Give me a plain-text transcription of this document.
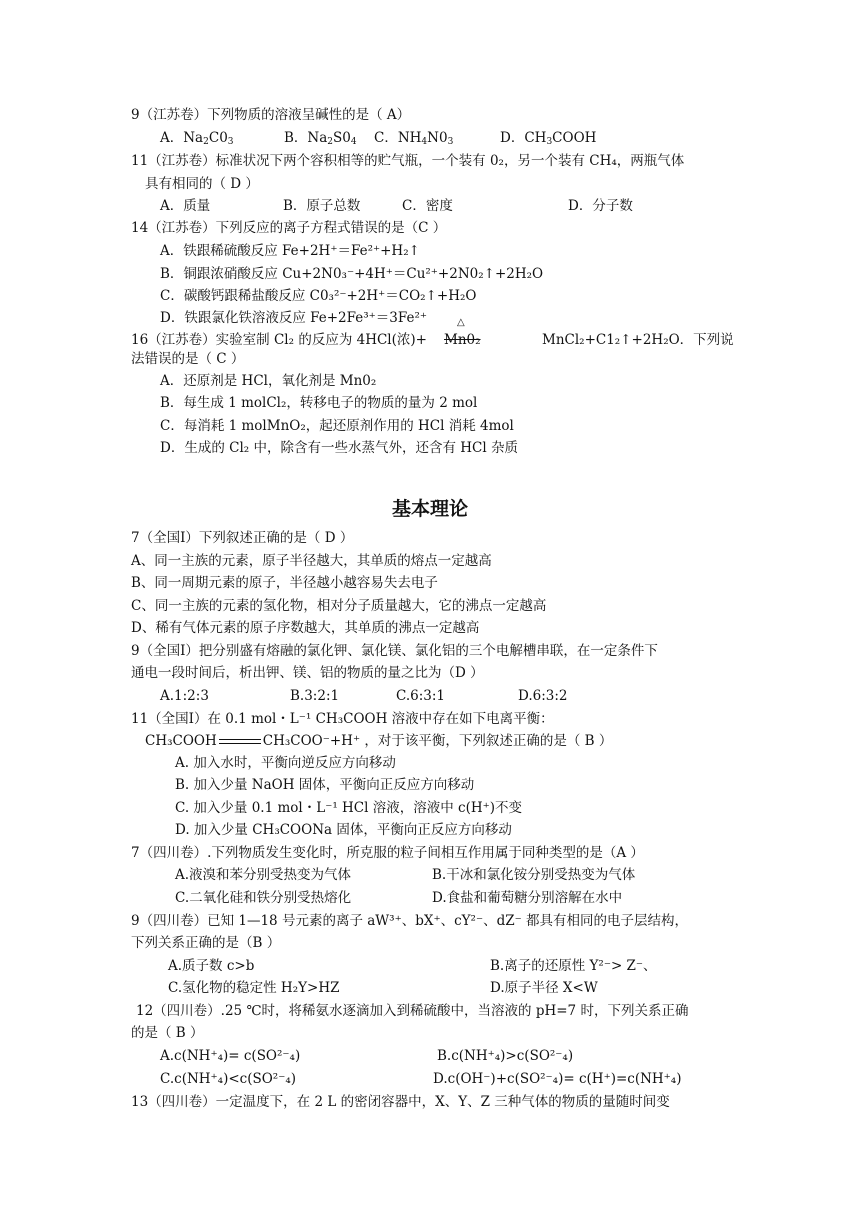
9（江苏卷）下列物质的溶液呈碱性的是（ A）
A．$Na_2C0_3$	B．$Na_2S0_4$ C．$NH_4N0_3$	D．$CH_3COOH$
11（江苏卷）标准状况下两个容积相等的贮气瓶，一个装有 0₂，另一个装有 CH₄，两瓶气体
具有相同的（ D ）
A．质量	B．原子总数	C．密度	D．分子数
14（江苏卷）下列反应的离子方程式错误的是（C ）
A．铁跟稀硫酸反应 Fe+2H⁺＝Fe²⁺+H₂↑
B．铜跟浓硝酸反应 Cu+2N0₃⁻+4H⁺＝Cu²⁺+2N0₂↑+2H₂O
C．碳酸钙跟稀盐酸反应 C0₃²⁻+2H⁺＝CO₂↑+H₂O
D．铁跟氯化铁溶液反应 Fe+2Fe³⁺＝3Fe²⁺
16（江苏卷）实验室制 Cl₂ 的反应为 4HCl(浓)+ Mn0₂	MnCl₂+C1₂↑+2H₂O．下列说
△
法错误的是（ C ）
A．还原剂是 HCl，氧化剂是 Mn0₂
B．每生成 1 molCl₂，转移电子的物质的量为 2 mol
C．每消耗 1 molMnO₂，起还原剂作用的 HCl 消耗 4mol
D．生成的 Cl₂ 中，除含有一些水蒸气外，还含有 HCl 杂质
基本理论
7（全国Ⅰ）下列叙述正确的是（ D ）
A、同一主族的元素，原子半径越大，其单质的熔点一定越高
B、同一周期元素的原子，半径越小越容易失去电子
C、同一主族的元素的氢化物，相对分子质量越大，它的沸点一定越高
D、稀有气体元素的原子序数越大，其单质的沸点一定越高
9（全国Ⅰ）把分别盛有熔融的氯化钾、氯化镁、氯化铝的三个电解槽串联，在一定条件下
通电一段时间后，析出钾、镁、铝的物质的量之比为（D ）
A.1:2:3	B.3:2:1	C.6:3:1	D.6:3:2
11（全国Ⅰ）在 0.1 mol・L⁻¹ CH₃COOH 溶液中存在如下电离平衡：
CH₃COOH	CH₃COO⁻+H⁺ ，对于该平衡，下列叙述正确的是（ B ）
A. 加入水时，平衡向逆反应方向移动
B. 加入少量 NaOH 固体，平衡向正反应方向移动
C. 加入少量 0.1 mol・L⁻¹ HCl 溶液，溶液中 c(H⁺)不变
D. 加入少量 CH₃COONa 固体，平衡向正反应方向移动
7（四川卷）.下列物质发生变化时，所克服的粒子间相互作用属于同种类型的是（A ）
A.液溴和苯分别受热变为气体	B.干冰和氯化铵分别受热变为气体
C.二氧化硅和铁分别受热熔化	D.食盐和葡萄糖分别溶解在水中
9（四川卷）已知 1—18 号元素的离子 aW³⁺、bX⁺、cY²⁻、dZ⁻ 都具有相同的电子层结构，
下列关系正确的是（B ）
A.质子数 c>b	B.离子的还原性 Y²⁻> Z⁻、
C.氢化物的稳定性 H₂Y>HZ	D.原子半径 X<W
12（四川卷）.25 ℃时，将稀氨水逐滴加入到稀硫酸中，当溶液的 pH=7 时，下列关系正确
的是（ B ）
A.c(NH⁺₄)= c(SO²⁻₄)	B.c(NH⁺₄)>c(SO²⁻₄)
C.c(NH⁺₄)<c(SO²⁻₄)	D.c(OH⁻)+c(SO²⁻₄)= c(H⁺)=c(NH⁺₄)
13（四川卷）一定温度下，在 2 L 的密闭容器中，X、Y、Z 三种气体的物质的量随时间变
